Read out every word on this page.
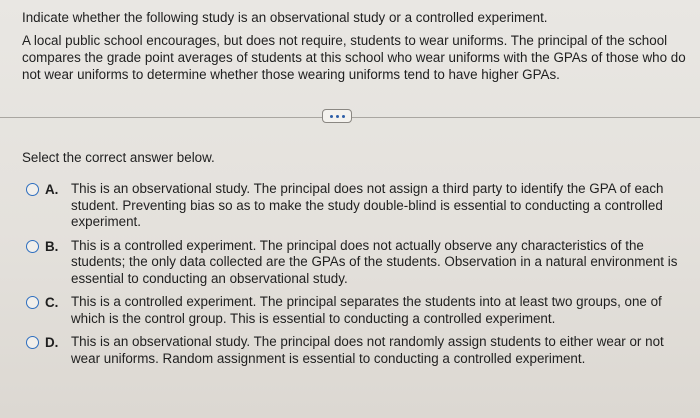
Indicate whether the following study is an observational study or a controlled experiment.

A local public school encourages, but does not require, students to wear uniforms. The principal of the school compares the grade point averages of students at this school who wear uniforms with the GPAs of those who do not wear uniforms to determine whether those wearing uniforms tend to have higher GPAs.

Select the correct answer below.

A. This is an observational study. The principal does not assign a third party to identify the GPA of each student. Preventing bias so as to make the study double-blind is essential to conducting a controlled experiment.
B. This is a controlled experiment. The principal does not actually observe any characteristics of the students; the only data collected are the GPAs of the students. Observation in a natural environment is essential to conducting an observational study.
C. This is a controlled experiment. The principal separates the students into at least two groups, one of which is the control group. This is essential to conducting a controlled experiment.
D. This is an observational study. The principal does not randomly assign students to either wear or not wear uniforms. Random assignment is essential to conducting a controlled experiment.
